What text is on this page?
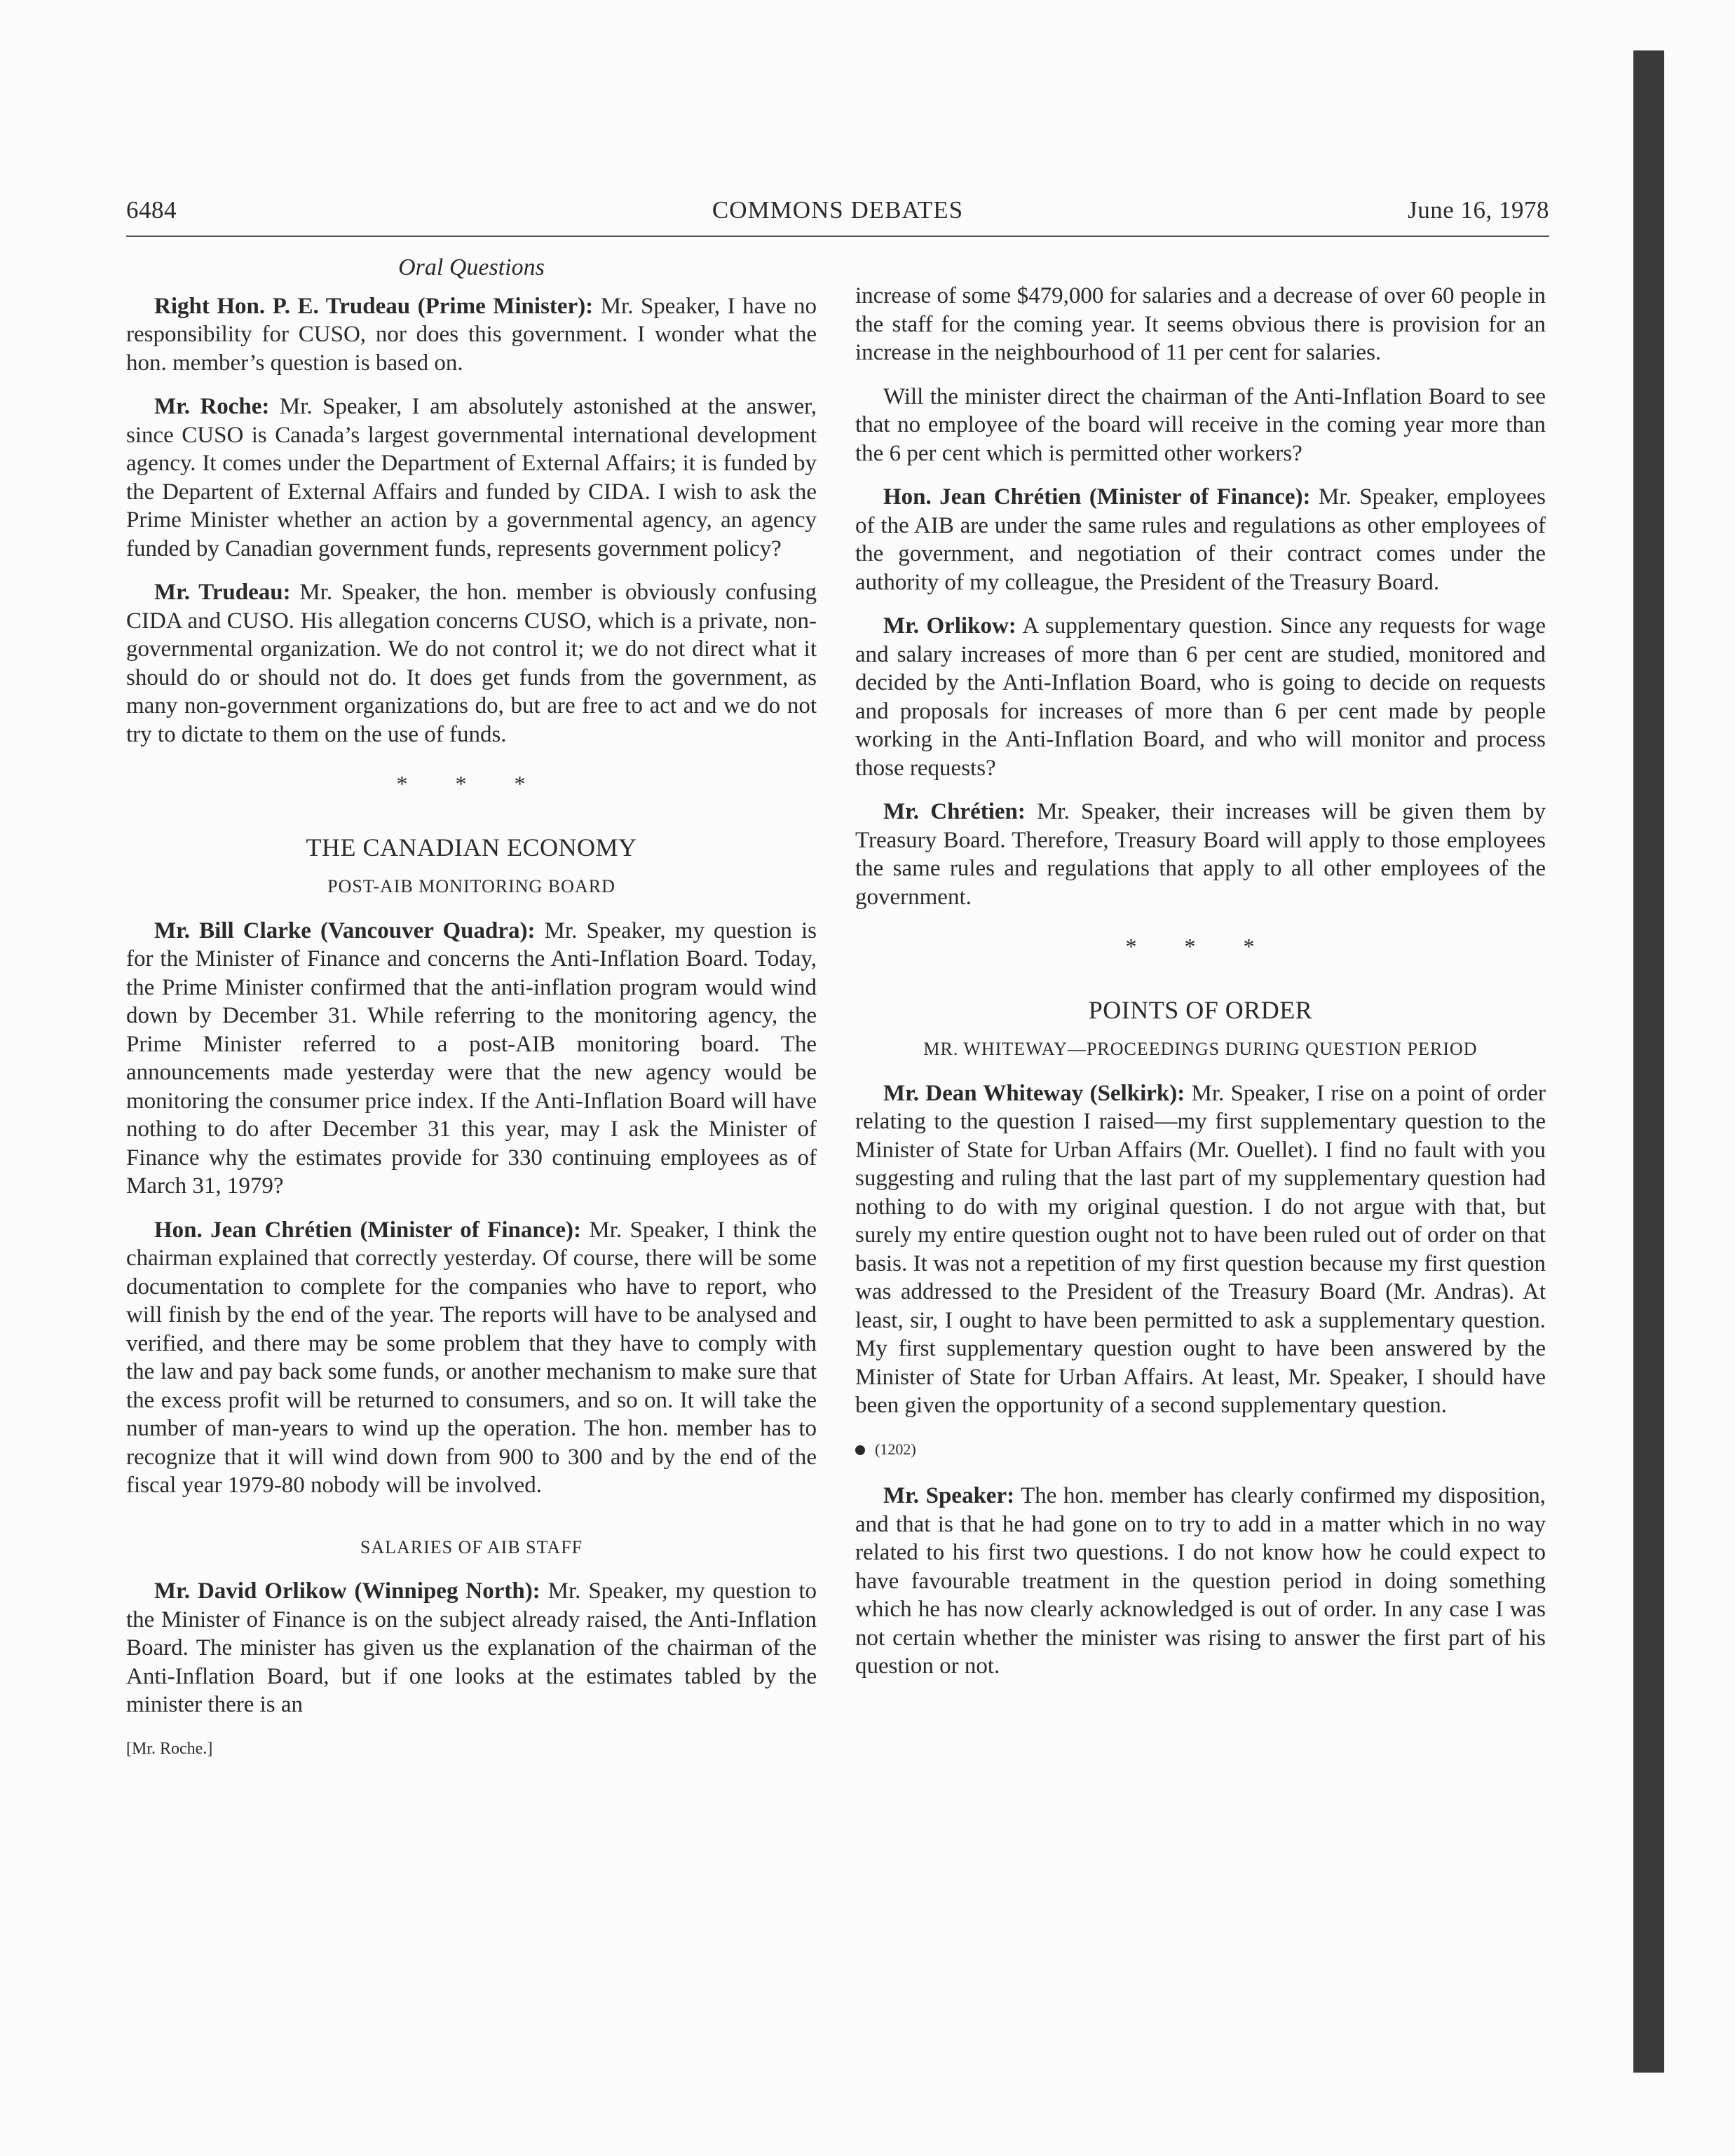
6484	COMMONS DEBATES	June 16, 1978
Oral Questions

Right Hon. P. E. Trudeau (Prime Minister): Mr. Speaker, I have no responsibility for CUSO, nor does this government. I wonder what the hon. member’s question is based on.

Mr. Roche: Mr. Speaker, I am absolutely astonished at the answer, since CUSO is Canada’s largest governmental international development agency. It comes under the Department of External Affairs; it is funded by the Departent of External Affairs and funded by CIDA. I wish to ask the Prime Minister whether an action by a governmental agency, an agency funded by Canadian government funds, represents government policy?

Mr. Trudeau: Mr. Speaker, the hon. member is obviously confusing CIDA and CUSO. His allegation concerns CUSO, which is a private, non-governmental organization. We do not control it; we do not direct what it should do or should not do. It does get funds from the government, as many non-government organizations do, but are free to act and we do not try to dictate to them on the use of funds.

* * *
THE CANADIAN ECONOMY
POST-AIB MONITORING BOARD

Mr. Bill Clarke (Vancouver Quadra): Mr. Speaker, my question is for the Minister of Finance and concerns the Anti-Inflation Board. Today, the Prime Minister confirmed that the anti-inflation program would wind down by December 31. While referring to the monitoring agency, the Prime Minister referred to a post-AIB monitoring board. The announcements made yesterday were that the new agency would be monitoring the consumer price index. If the Anti-Inflation Board will have nothing to do after December 31 this year, may I ask the Minister of Finance why the estimates provide for 330 continuing employees as of March 31, 1979?

Hon. Jean Chrétien (Minister of Finance): Mr. Speaker, I think the chairman explained that correctly yesterday. Of course, there will be some documentation to complete for the companies who have to report, who will finish by the end of the year. The reports will have to be analysed and verified, and there may be some problem that they have to comply with the law and pay back some funds, or another mechanism to make sure that the excess profit will be returned to consumers, and so on. It will take the number of man-years to wind up the operation. The hon. member has to recognize that it will wind down from 900 to 300 and by the end of the fiscal year 1979-80 nobody will be involved.

SALARIES OF AIB STAFF

Mr. David Orlikow (Winnipeg North): Mr. Speaker, my question to the Minister of Finance is on the subject already raised, the Anti-Inflation Board. The minister has given us the explanation of the chairman of the Anti-Inflation Board, but if one looks at the estimates tabled by the minister there is an

[Mr. Roche.]

increase of some $479,000 for salaries and a decrease of over 60 people in the staff for the coming year. It seems obvious there is provision for an increase in the neighbourhood of 11 per cent for salaries.

Will the minister direct the chairman of the Anti-Inflation Board to see that no employee of the board will receive in the coming year more than the 6 per cent which is permitted other workers?

Hon. Jean Chrétien (Minister of Finance): Mr. Speaker, employees of the AIB are under the same rules and regulations as other employees of the government, and negotiation of their contract comes under the authority of my colleague, the President of the Treasury Board.

Mr. Orlikow: A supplementary question. Since any requests for wage and salary increases of more than 6 per cent are studied, monitored and decided by the Anti-Inflation Board, who is going to decide on requests and proposals for increases of more than 6 per cent made by people working in the Anti-Inflation Board, and who will monitor and process those requests?

Mr. Chrétien: Mr. Speaker, their increases will be given them by Treasury Board. Therefore, Treasury Board will apply to those employees the same rules and regulations that apply to all other employees of the government.

* * *
POINTS OF ORDER
MR. WHITEWAY—PROCEEDINGS DURING QUESTION PERIOD

Mr. Dean Whiteway (Selkirk): Mr. Speaker, I rise on a point of order relating to the question I raised—my first supplementary question to the Minister of State for Urban Affairs (Mr. Ouellet). I find no fault with you suggesting and ruling that the last part of my supplementary question had nothing to do with my original question. I do not argue with that, but surely my entire question ought not to have been ruled out of order on that basis. It was not a repetition of my first question because my first question was addressed to the President of the Treasury Board (Mr. Andras). At least, sir, I ought to have been permitted to ask a supplementary question. My first supplementary question ought to have been answered by the Minister of State for Urban Affairs. At least, Mr. Speaker, I should have been given the opportunity of a second supplementary question.

(1202)

Mr. Speaker: The hon. member has clearly confirmed my disposition, and that is that he had gone on to try to add in a matter which in no way related to his first two questions. I do not know how he could expect to have favourable treatment in the question period in doing something which he has now clearly acknowledged is out of order. In any case I was not certain whether the minister was rising to answer the first part of his question or not.
